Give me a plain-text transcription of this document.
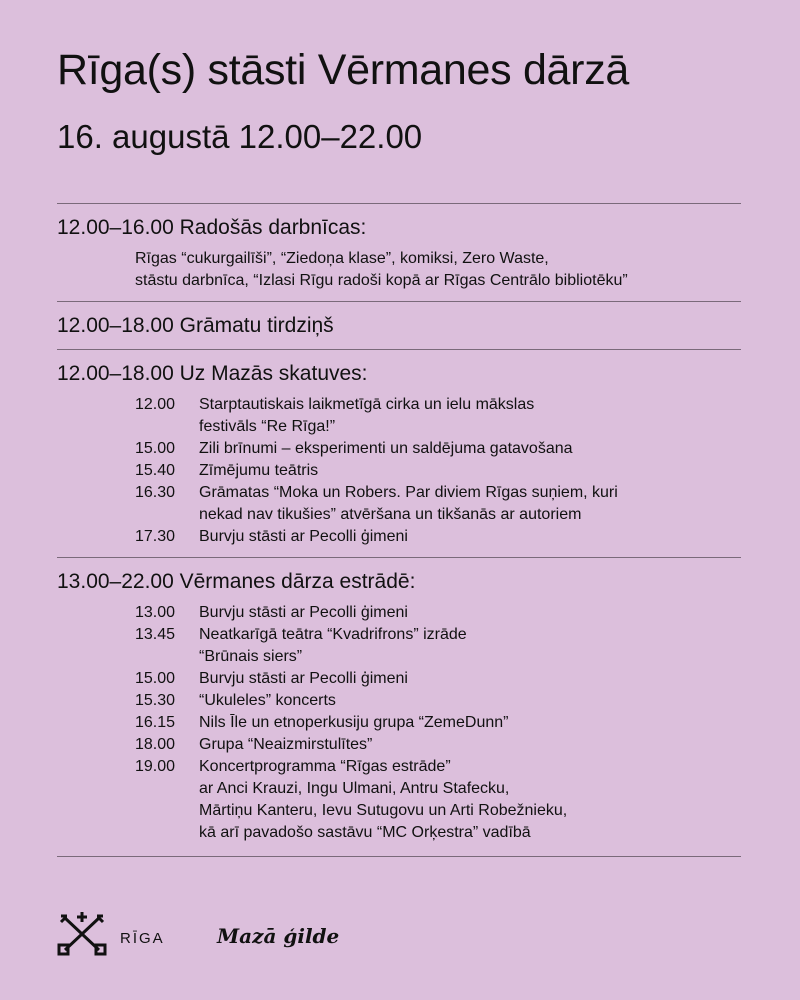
Rīga(s) stāsti Vērmanes dārzā
16. augustā 12.00–22.00
12.00–16.00 Radošās darbnīcas:
Rīgas “cukurgailīši”, “Ziedoņa klase”, komiksi, Zero Waste,
stāstu darbnīca, “Izlasi Rīgu radoši kopā ar Rīgas Centrālo bibliotēku”
12.00–18.00 Grāmatu tirdziņš
12.00–18.00 Uz Mazās skatuves:
12.00	Starptautiskais laikmetīgā cirka un ielu mākslas
festivāls “Re Rīga!”
15.00	Zili brīnumi – eksperimenti un saldējuma gatavošana
15.40	Zīmējumu teātris
16.30	Grāmatas “Moka un Robers. Par diviem Rīgas suņiem, kuri
nekad nav tikušies” atvēršana un tikšanās ar autoriem
17.30	Burvju stāsti ar Pecolli ģimeni
13.00–22.00 Vērmanes dārza estrādē:
13.00	Burvju stāsti ar Pecolli ģimeni
13.45	Neatkarīgā teātra “Kvadrifrons” izrāde
“Brūnais siers”
15.00	Burvju stāsti ar Pecolli ģimeni
15.30	“Ukuleles” koncerts
16.15	Nils Īle un etnoperkusiju grupa “ZemeDunn”
18.00	Grupa “Neaizmirstulītes”
19.00	Koncertprogramma “Rīgas estrāde”
ar Anci Krauzi, Ingu Ulmani, Antru Stafecku,
Mārtiņu Kanteru, Ievu Sutugovu un Arti Robežnieku,
kā arī pavadošo sastāvu “MC Orķestra” vadībā
RĪGA	Mazā ģilde
